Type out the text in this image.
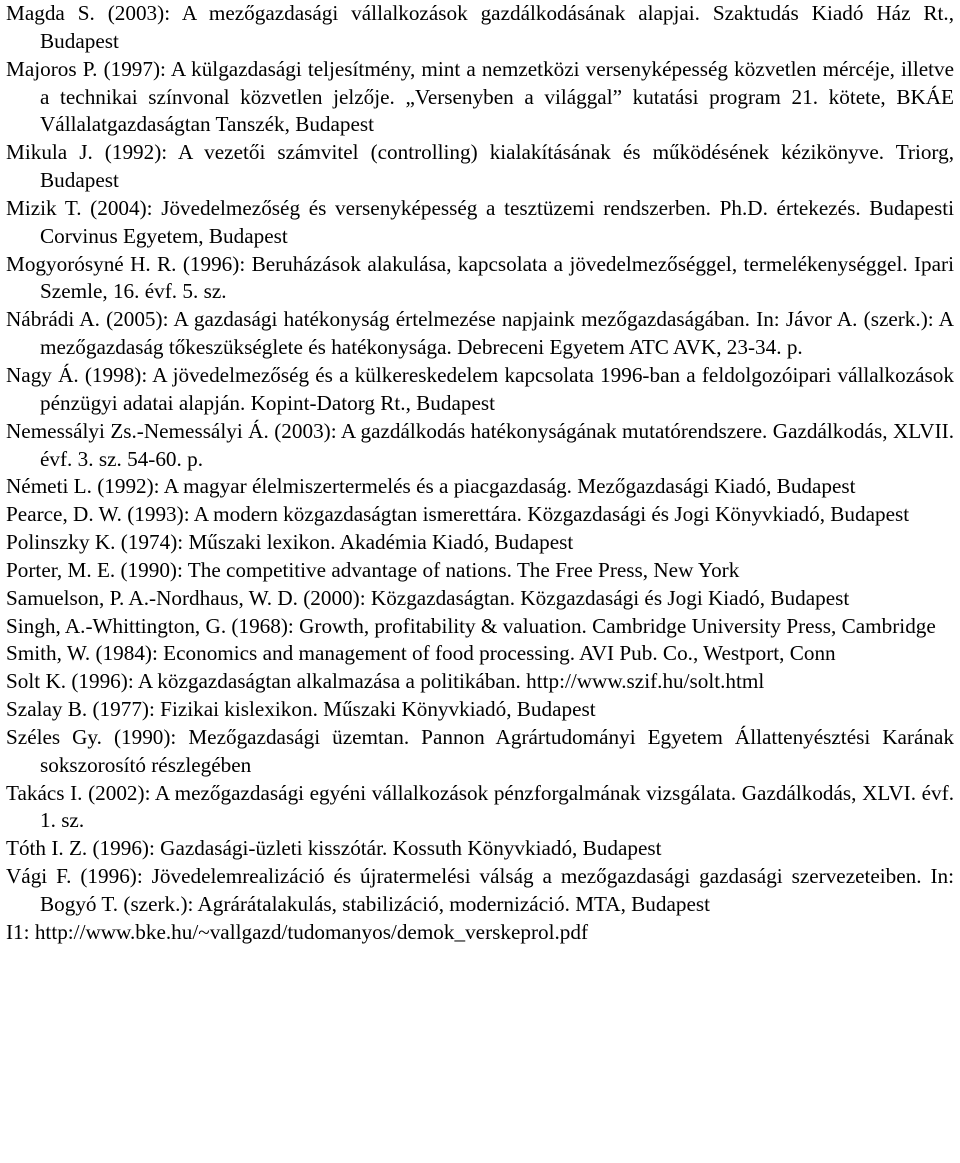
Magda S. (2003): A mezőgazdasági vállalkozások gazdálkodásának alapjai. Szaktudás Kiadó Ház Rt., Budapest

Majoros P. (1997): A külgazdasági teljesítmény, mint a nemzetközi versenyképesség közvetlen mércéje, illetve a technikai színvonal közvetlen jelzője. „Versenyben a világgal” kutatási program 21. kötete, BKÁE Vállalatgazdaságtan Tanszék, Budapest

Mikula J. (1992): A vezetői számvitel (controlling) kialakításának és működésének kézikönyve. Triorg, Budapest

Mizik T. (2004): Jövedelmezőség és versenyképesség a tesztüzemi rendszerben. Ph.D. értekezés. Budapesti Corvinus Egyetem, Budapest

Mogyorósyné H. R. (1996): Beruházások alakulása, kapcsolata a jövedelmezőséggel, termelékenységgel. Ipari Szemle, 16. évf. 5. sz.

Nábrádi A. (2005): A gazdasági hatékonyság értelmezése napjaink mezőgazdaságában. In: Jávor A. (szerk.): A mezőgazdaság tőkeszükséglete és hatékonysága. Debreceni Egyetem ATC AVK, 23-34. p.

Nagy Á. (1998): A jövedelmezőség és a külkereskedelem kapcsolata 1996-ban a feldolgozóipari vállalkozások pénzügyi adatai alapján. Kopint-Datorg Rt., Budapest

Nemessályi Zs.-Nemessályi Á. (2003): A gazdálkodás hatékonyságának mutatórendszere. Gazdálkodás, XLVII. évf. 3. sz. 54-60. p.

Németi L. (1992): A magyar élelmiszertermelés és a piacgazdaság. Mezőgazdasági Kiadó, Budapest

Pearce, D. W. (1993): A modern közgazdaságtan ismerettára. Közgazdasági és Jogi Könyvkiadó, Budapest

Polinszky K. (1974): Műszaki lexikon. Akadémia Kiadó, Budapest

Porter, M. E. (1990): The competitive advantage of nations. The Free Press, New York

Samuelson, P. A.-Nordhaus, W. D. (2000): Közgazdaságtan. Közgazdasági és Jogi Kiadó, Budapest

Singh, A.-Whittington, G. (1968): Growth, profitability & valuation. Cambridge University Press, Cambridge

Smith, W. (1984): Economics and management of food processing. AVI Pub. Co., Westport, Conn

Solt K. (1996): A közgazdaságtan alkalmazása a politikában. http://www.szif.hu/solt.html

Szalay B. (1977): Fizikai kislexikon. Műszaki Könyvkiadó, Budapest

Széles Gy. (1990): Mezőgazdasági üzemtan. Pannon Agrártudományi Egyetem Állattenyésztési Karának sokszorosító részlegében

Takács I. (2002): A mezőgazdasági egyéni vállalkozások pénzforgalmának vizsgálata. Gazdálkodás, XLVI. évf. 1. sz.

Tóth I. Z. (1996): Gazdasági-üzleti kisszótár. Kossuth Könyvkiadó, Budapest

Vági F. (1996): Jövedelemrealizáció és újratermelési válság a mezőgazdasági gazdasági szervezeteiben. In: Bogyó T. (szerk.): Agrárátalakulás, stabilizáció, modernizáció. MTA, Budapest

I1: http://www.bke.hu/~vallgazd/tudomanyos/demok_verskeprol.pdf
